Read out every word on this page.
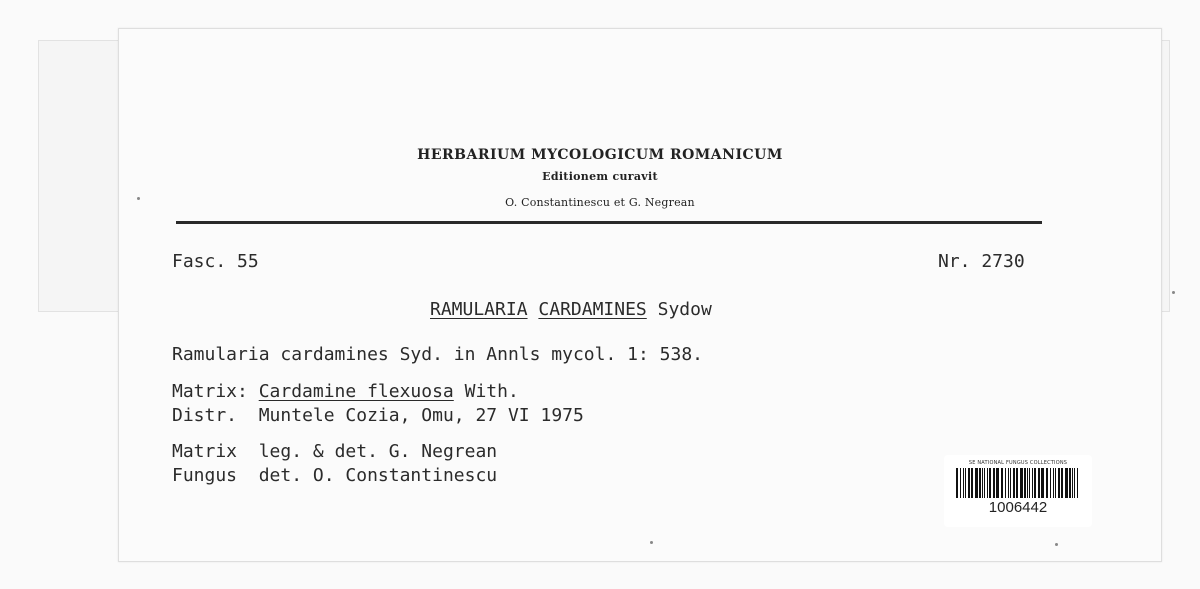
HERBARIUM MYCOLOGICUM ROMANICUM
Editionem curavit
O. Constantinescu et G. Negrean
Fasc. 55	Nr. 2730
RAMULARIA CARDAMINES Sydow
Ramularia cardamines Syd. in Annls mycol. 1: 538.
Matrix: Cardamine flexuosa With.
Distr. Muntele Cozia, Omu, 27 VI 1975
Matrix leg. & det. G. Negrean
Fungus det. O. Constantinescu
SE NATIONAL FUNGUS COLLECTIONS
1006442
